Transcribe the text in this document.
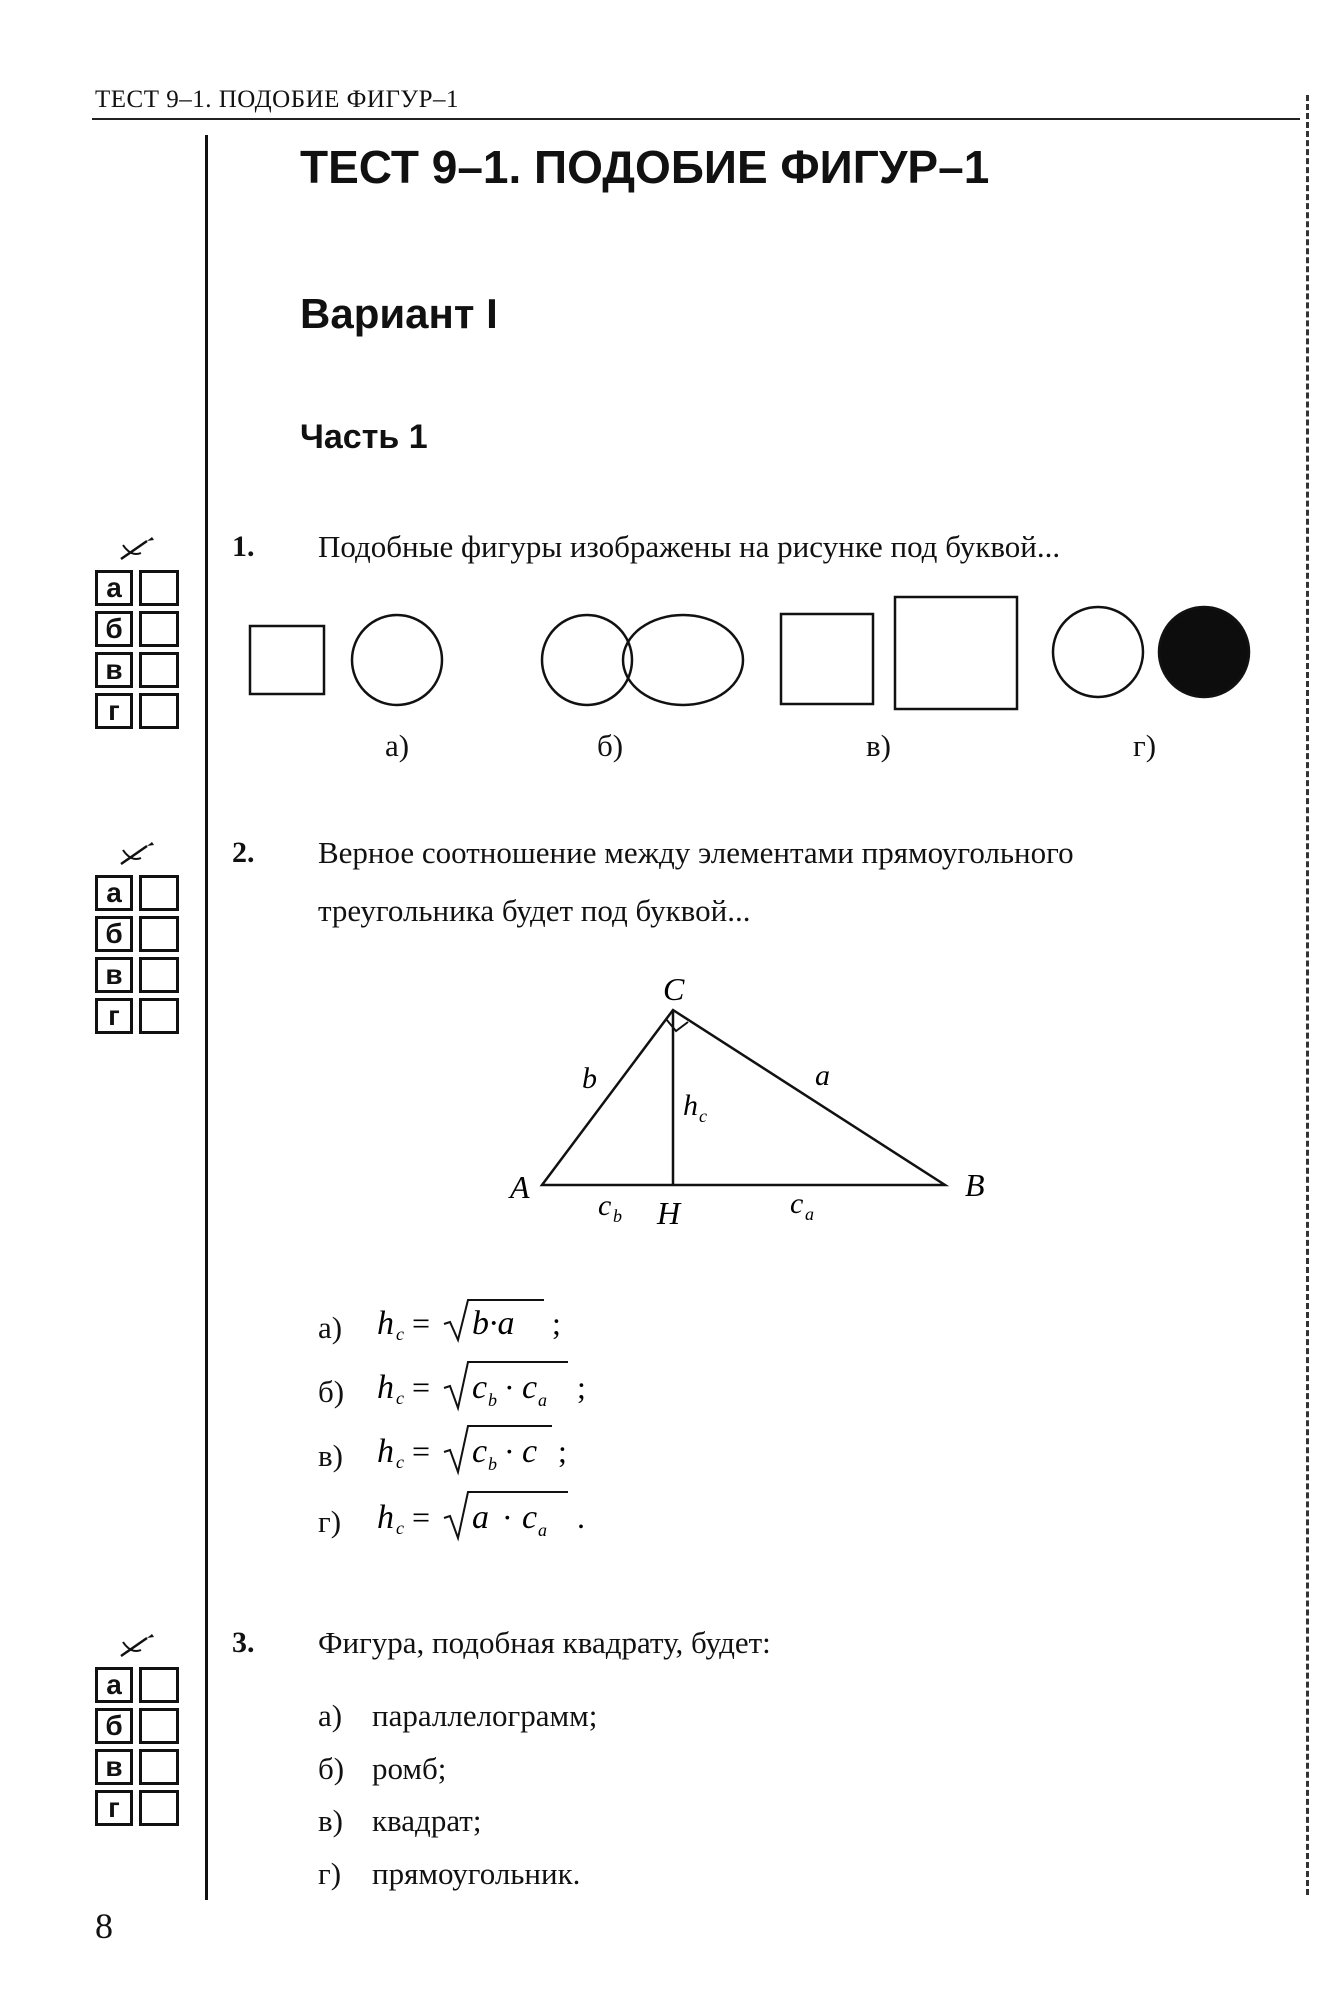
ТЕСТ 9–1. ПОДОБИЕ ФИГУР–1
ТЕСТ 9–1. ПОДОБИЕ ФИГУР–1
Вариант I
Часть 1
а
б
в
г
1. Подобные фигуры изображены на рисунке под буквой...
а)	б)	в)	г)
а
б
в
г
2. Верное соотношение между элементами прямоугольного
треугольника будет под буквой...
C
A	B
H
b	a
h c
c b	c a
а) h c = b·a ;
б) h c = c b · c a ;
в) h c = c b · c ;
г) h c = a · c a .
а
б
в
г
3. Фигура, подобная квадрату, будет:
а) параллелограмм;
б) ромб;
в) квадрат;
г) прямоугольник.
8
